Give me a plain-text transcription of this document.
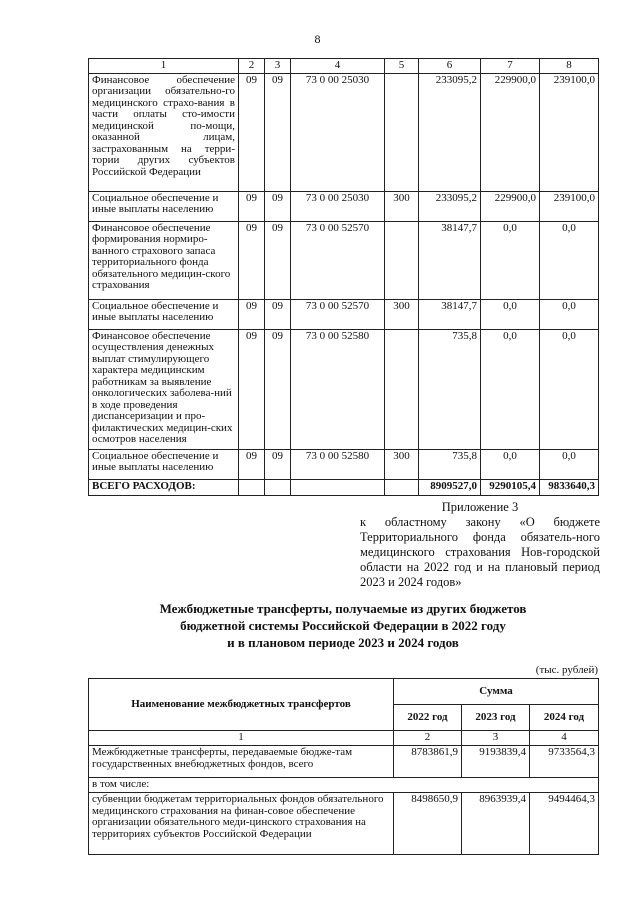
8
1	2	3	4	5	6	7	8
Финансовое обеспечение организации обязательно-го медицинского страхо-вания в части оплаты сто-имости медицинской по-мощи, оказанной лицам, застрахованным на терри-тории других субъектов Российской Федерации	09	09	73 0 00 25030		233095,2	229900,0	239100,0
Социальное обеспечение и иные выплаты населению	09	09	73 0 00 25030	300	233095,2	229900,0	239100,0
Финансовое обеспечение формирования нормиро-ванного страхового запаса территориального фонда обязательного медицин-ского страхования	09	09	73 0 00 52570		38147,7	0,0	0,0
Социальное обеспечение и иные выплаты населению	09	09	73 0 00 52570	300	38147,7	0,0	0,0
Финансовое обеспечение осуществления денежных выплат стимулирующего характера медицинским работникам за выявление онкологических заболева-ний в ходе проведения диспансеризации и про-филактических медицин-ских осмотров населения	09	09	73 0 00 52580		735,8	0,0	0,0
Социальное обеспечение и иные выплаты населению	09	09	73 0 00 52580	300	735,8	0,0	0,0
ВСЕГО РАСХОДОВ:					8909527,0	9290105,4	9833640,3
Приложение 3
к областному закону «О бюджете Территориального фонда обязатель-ного медицинского страхования Нов-городской области на 2022 год и на плановый период 2023 и 2024 годов»
Межбюджетные трансферты, получаемые из других бюджетов
бюджетной системы Российской Федерации в 2022 году
и в плановом периоде 2023 и 2024 годов
(тыс. рублей)
Наименование межбюджетных трансфертов	Сумма		
	2022 год	2023 год	2024 год
1	2	3	4
Межбюджетные трансферты, передаваемые бюдже-там государственных внебюджетных фондов, всего	8783861,9	9193839,4	9733564,3
в том числе:			
субвенции бюджетам территориальных фондов обязательного медицинского страхования на финан-совое обеспечение организации обязательного меди-цинского страхования на территориях субъектов Российской Федерации	8498650,9	8963939,4	9494464,3
